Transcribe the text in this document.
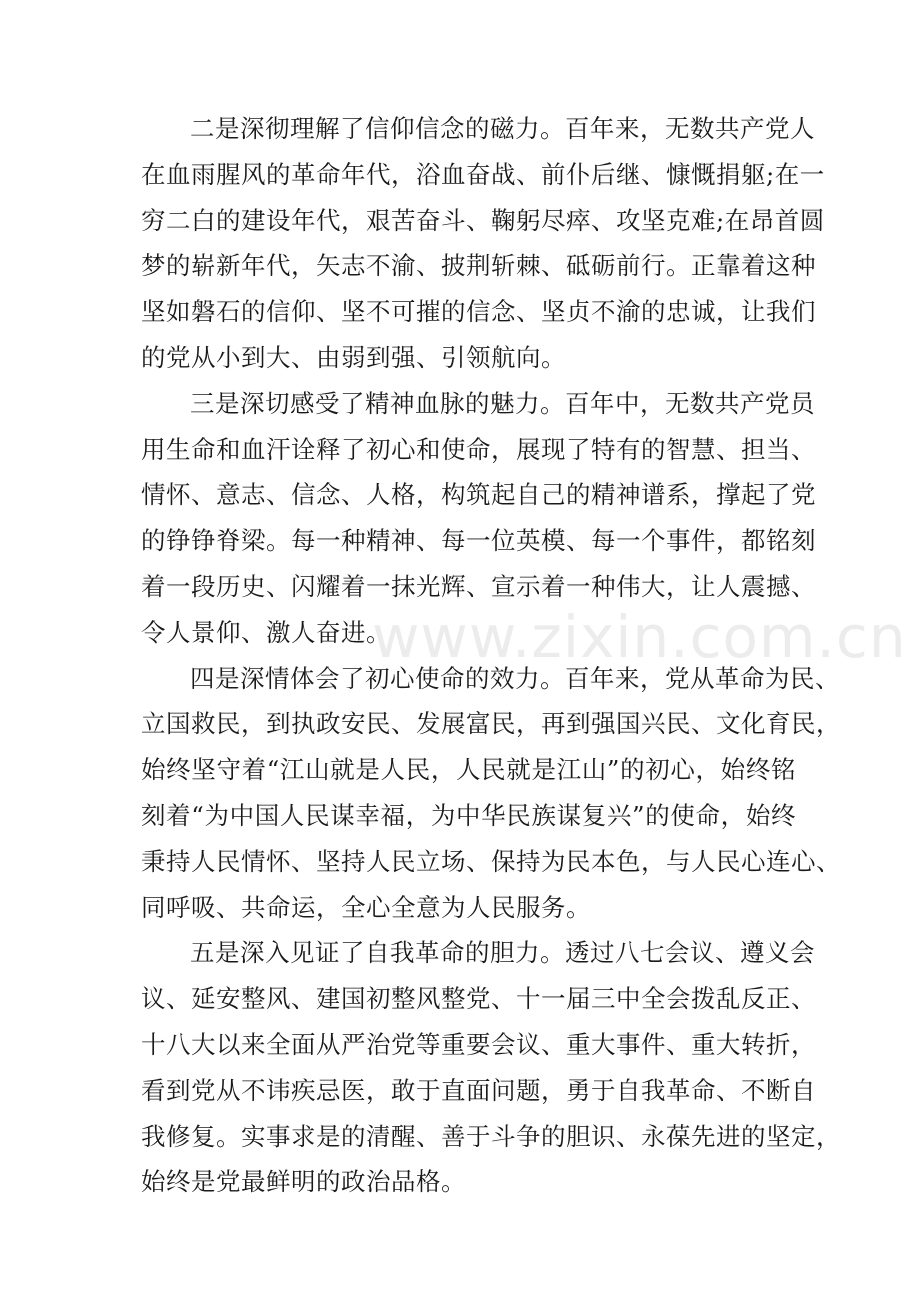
二是深彻理解了信仰信念的磁力。百年来，无数共产党人
在血雨腥风的革命年代，浴血奋战、前仆后继、慷慨捐躯;在一
穷二白的建设年代，艰苦奋斗、鞠躬尽瘁、攻坚克难;在昂首圆
梦的崭新年代，矢志不渝、披荆斩棘、砥砺前行。正靠着这种
坚如磐石的信仰、坚不可摧的信念、坚贞不渝的忠诚，让我们
的党从小到大、由弱到强、引领航向。
三是深切感受了精神血脉的魅力。百年中，无数共产党员
用生命和血汗诠释了初心和使命，展现了特有的智慧、担当、
情怀、意志、信念、人格，构筑起自己的精神谱系，撑起了党
的铮铮脊梁。每一种精神、每一位英模、每一个事件，都铭刻
着一段历史、闪耀着一抹光辉、宣示着一种伟大，让人震撼、
令人景仰、激人奋进。
四是深情体会了初心使命的效力。百年来，党从革命为民、
立国救民，到执政安民、发展富民，再到强国兴民、文化育民，
始终坚守着“江山就是人民，人民就是江山”的初心，始终铭
刻着“为中国人民谋幸福，为中华民族谋复兴”的使命，始终
秉持人民情怀、坚持人民立场、保持为民本色，与人民心连心、
同呼吸、共命运，全心全意为人民服务。
五是深入见证了自我革命的胆力。透过八七会议、遵义会
议、延安整风、建国初整风整党、十一届三中全会拨乱反正、
十八大以来全面从严治党等重要会议、重大事件、重大转折，
看到党从不讳疾忌医，敢于直面问题，勇于自我革命、不断自
我修复。实事求是的清醒、善于斗争的胆识、永葆先进的坚定，
始终是党最鲜明的政治品格。
www.zixin.com.cn
